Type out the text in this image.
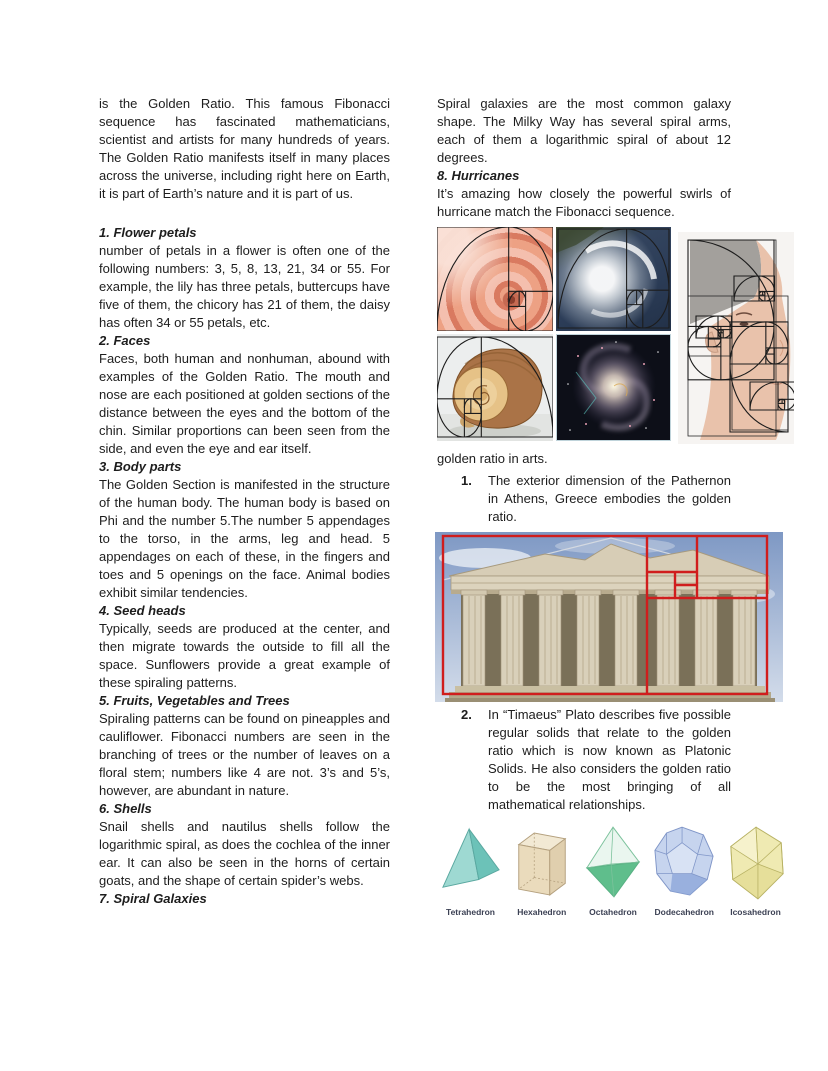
is the Golden Ratio. This famous Fibonacci sequence has fascinated mathematicians, scientist and artists for many hundreds of years. The Golden Ratio manifests itself in many places across the universe, including right here on Earth, it is part of Earth’s nature and it is part of us.

1. Flower petals

number of petals in a flower is often one of the following numbers: 3, 5, 8, 13, 21, 34 or 55. For example, the lily has three petals, buttercups have five of them, the chicory has 21 of them, the daisy has often 34 or 55 petals, etc.

2. Faces

Faces, both human and nonhuman, abound with examples of the Golden Ratio. The mouth and nose are each positioned at golden sections of the distance between the eyes and the bottom of the chin. Similar proportions can been seen from the side, and even the eye and ear itself.

3. Body parts

The Golden Section is manifested in the structure of the human body. The human body is based on Phi and the number 5.The number 5 appendages to the torso, in the arms, leg and head. 5 appendages on each of these, in the fingers and toes and 5 openings on the face. Animal bodies exhibit similar tendencies.

4. Seed heads

Typically, seeds are produced at the center, and then migrate towards the outside to fill all the space. Sunflowers provide a great example of these spiraling patterns.

5. Fruits, Vegetables and Trees

Spiraling patterns can be found on pineapples and cauliflower. Fibonacci numbers are seen in the branching of trees or the number of leaves on a floral stem; numbers like 4 are not. 3’s and 5’s, however, are abundant in nature.

6. Shells

Snail shells and nautilus shells follow the logarithmic spiral, as does the cochlea of the inner ear. It can also be seen in the horns of certain goats, and the shape of certain spider’s webs.

7. Spiral Galaxies

Spiral galaxies are the most common galaxy shape. The Milky Way has several spiral arms, each of them a logarithmic spiral of about 12 degrees.

8. Hurricanes

It’s amazing how closely the powerful swirls of hurricane match the Fibonacci sequence.

golden ratio in arts.

1.	The exterior dimension of the Pathernon in Athens, Greece embodies the golden ratio.
2.	In “Timaeus” Plato describes five possible regular solids that relate to the golden ratio which is now known as Platonic Solids. He also considers the golden ratio to be the most bringing of all mathematical relationships.
Tetrahedron	Hexahedron	Octahedron	Dodecahedron	Icosahedron
